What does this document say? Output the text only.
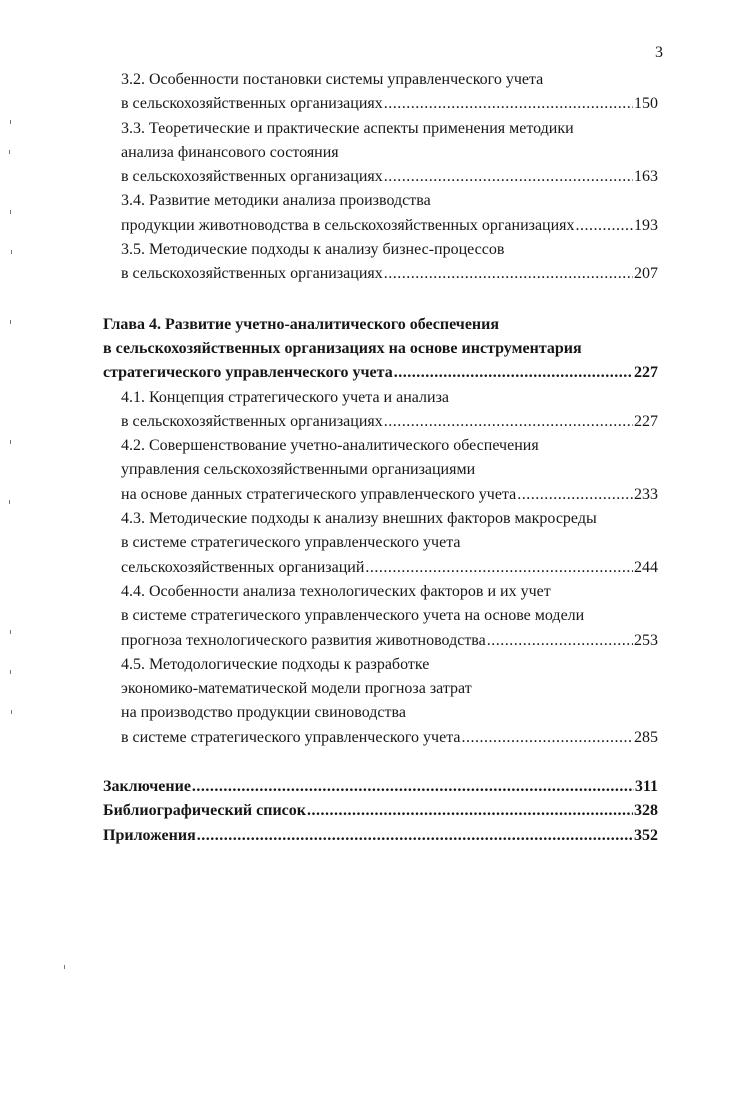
3
3.2. Особенности постановки системы управленческого учета
в сельскохозяйственных организациях .....	150
3.3. Теоретические и практические аспекты применения методики
анализа финансового состояния
в сельскохозяйственных организациях .....	163
3.4. Развитие методики анализа производства
продукции животноводства в сельскохозяйственных организациях .....	193
3.5. Методические подходы к анализу бизнес-процессов
в сельскохозяйственных организациях .....	207
Глава 4. Развитие учетно-аналитического обеспечения
в сельскохозяйственных организациях на основе инструментария
стратегического управленческого учета .....	227
4.1. Концепция стратегического учета и анализа
в сельскохозяйственных организациях .....	227
4.2. Совершенствование учетно-аналитического обеспечения
управления сельскохозяйственными организациями
на основе данных стратегического управленческого учета .....	233
4.3. Методические подходы к анализу внешних факторов макросреды
в системе стратегического управленческого учета
сельскохозяйственных организаций .....	244
4.4. Особенности анализа технологических факторов и их учет
в системе стратегического управленческого учета на основе модели
прогноза технологического развития животноводства .....	253
4.5. Методологические подходы к разработке
экономико-математической модели прогноза затрат
на производство продукции свиноводства
в системе стратегического управленческого учета .....	285
Заключение .....	311
Библиографический список .....	328
Приложения .....	352
